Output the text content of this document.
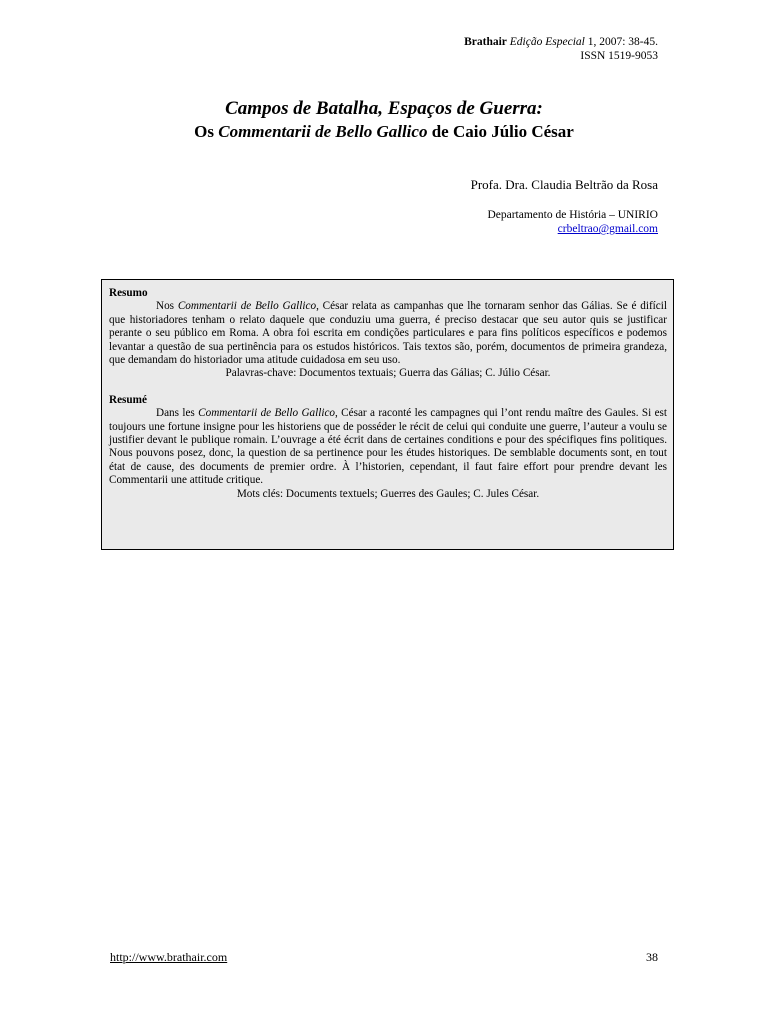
Brathair Edição Especial 1, 2007: 38-45.
ISSN 1519-9053
Campos de Batalha, Espaços de Guerra:
Os Commentarii de Bello Gallico de Caio Júlio César
Profa. Dra. Claudia Beltrão da Rosa
Departamento de História – UNIRIO
crbeltrao@gmail.com
Resumo
Nos Commentarii de Bello Gallico, César relata as campanhas que lhe tornaram senhor das Gálias. Se é difícil que historiadores tenham o relato daquele que conduziu uma guerra, é preciso destacar que seu autor quis se justificar perante o seu público em Roma. A obra foi escrita em condições particulares e para fins políticos específicos e podemos levantar a questão de sua pertinência para os estudos históricos. Tais textos são, porém, documentos de primeira grandeza, que demandam do historiador uma atitude cuidadosa em seu uso.
Palavras-chave: Documentos textuais; Guerra das Gálias; C. Júlio César.
Resumé
Dans les Commentarii de Bello Gallico, César a raconté les campagnes qui l’ont rendu maître des Gaules. Si est toujours une fortune insigne pour les historiens que de posséder le récit de celui qui conduite une guerre, l’auteur a voulu se justifier devant le publique romain. L’ouvrage a été écrit dans de certaines conditions e pour des spécifiques fins politiques. Nous pouvons posez, donc, la question de sa pertinence pour les études historiques. De semblable documents sont, en tout état de cause, des documents de premier ordre. À l’historien, cependant, il faut faire effort pour prendre devant les Commentarii une attitude critique.
Mots clés: Documents textuels; Guerres des Gaules; C. Jules César.
http://www.brathair.com	38
